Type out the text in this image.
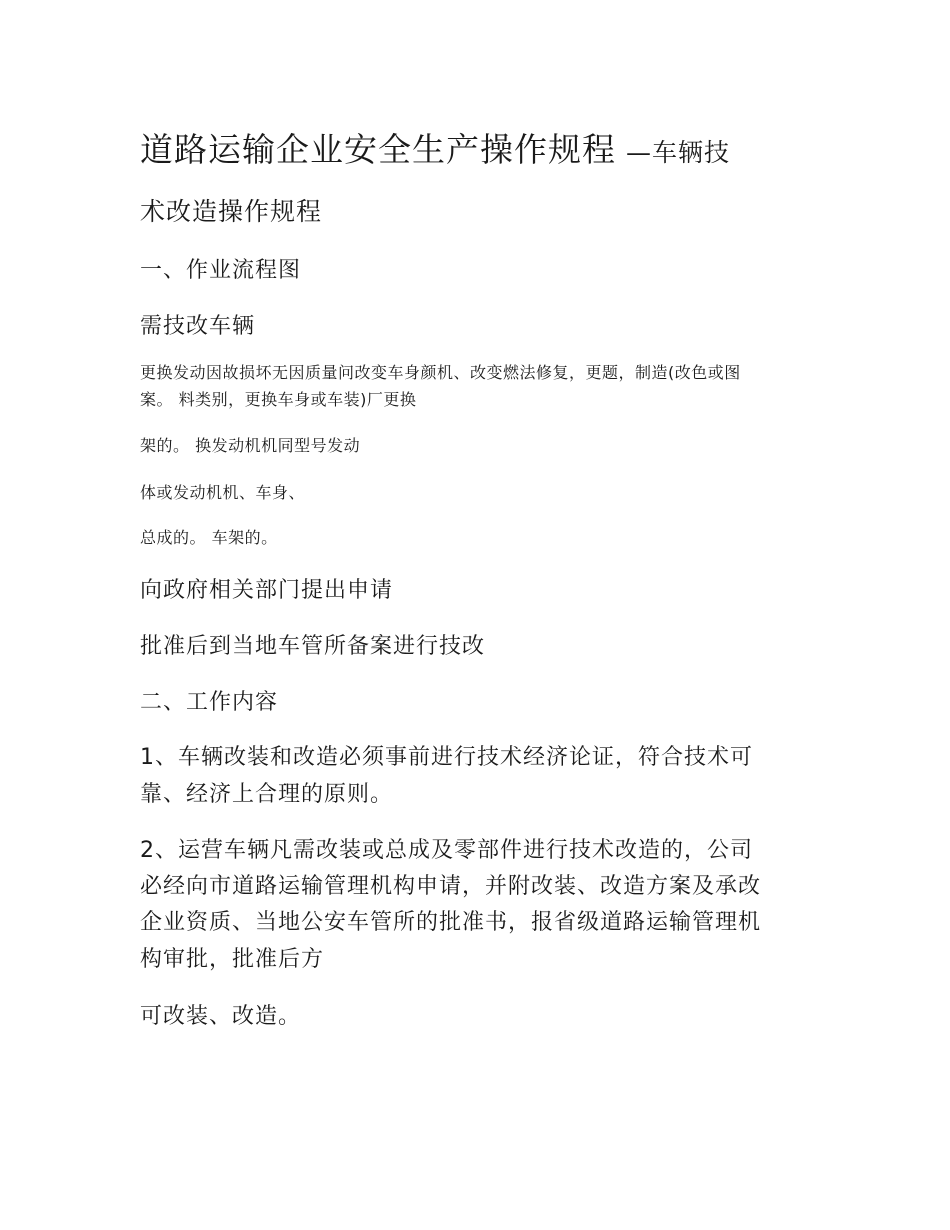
道路运输企业安全生产操作规程 —车辆技
术改造操作规程
一、作业流程图
需技改车辆
更换发动因故损坏无因质量问改变车身颜机、改变燃法修复，更题，制造(改色或图
案。 料类别，更换车身或车装)厂更换
架的。 换发动机机同型号发动
体或发动机机、车身、
总成的。 车架的。
向政府相关部门提出申请
批准后到当地车管所备案进行技改
二、工作内容
1、车辆改装和改造必须事前进行技术经济论证，符合技术可
靠、经济上合理的原则。
2、运营车辆凡需改装或总成及零部件进行技术改造的，公司
必经向市道路运输管理机构申请，并附改装、改造方案及承改
企业资质、当地公安车管所的批准书，报省级道路运输管理机
构审批，批准后方
可改装、改造。
